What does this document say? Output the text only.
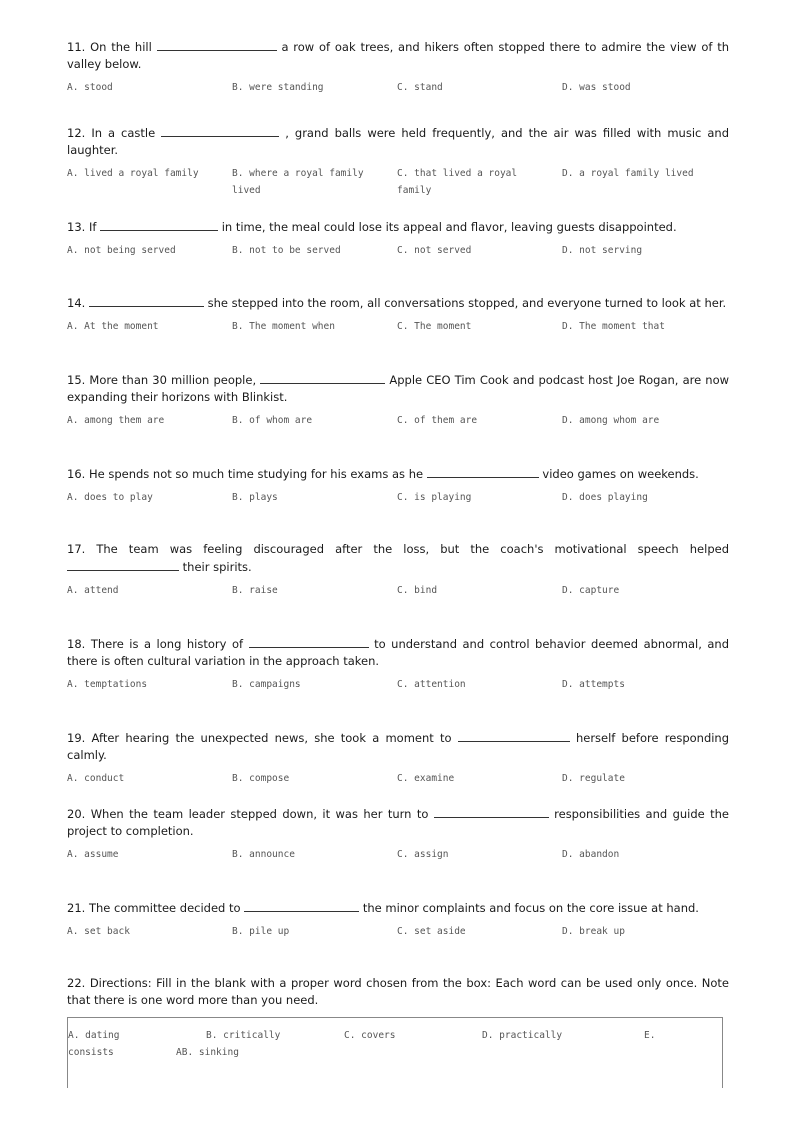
11. On the hill	a row of oak trees, and hikers often stopped there to admire the view of th valley below.

A. stood	B. were standing	C. stand	D. was stood

12. In a castle	, grand balls were held frequently, and the air was filled with music and laughter.

A. lived a royal family	B. where a royal family lived
C. that lived a royal family
D. a royal family lived

13. If	in time, the meal could lose its appeal and flavor, leaving guests disappointed.

A. not being served	B. not to be served	C. not served	D. not serving

14.	she stepped into the room, all conversations stopped, and everyone turned to look at her.

A. At the moment	B. The moment when	C. The moment	D. The moment that

15. More than 30 million people,	Apple CEO Tim Cook and podcast host Joe Rogan, are now expanding their horizons with Blinkist.

A. among them are	B. of whom are	C. of them are	D. among whom are

16. He spends not so much time studying for his exams as he	video games on weekends.

A. does to play	B. plays	C. is playing	D. does playing

17. The team was feeling discouraged after the loss, but the coach's motivational speech helped  their spirits.

A. attend	B. raise	C. bind	D. capture

18. There is a long history of	to understand and control behavior deemed abnormal, and there is often cultural variation in the approach taken.

A. temptations	B. campaigns	C. attention	D. attempts

19. After hearing the unexpected news, she took a moment to	herself before responding calmly.

A. conduct	B. compose	C. examine	D. regulate

20. When the team leader stepped down, it was her turn to	responsibilities and guide the project to completion.

A. assume	B. announce	C. assign	D. abandon

21. The committee decided to	the minor complaints and focus on the core issue at hand.

A. set back	B. pile up	C. set aside	D. break up

22. Directions: Fill in the blank with a proper word chosen from the box: Each word can be used only once. Note that there is one word more than you need.

A. dating	B. critically	C. covers	D. practically	E.
consists	AB. sinking
